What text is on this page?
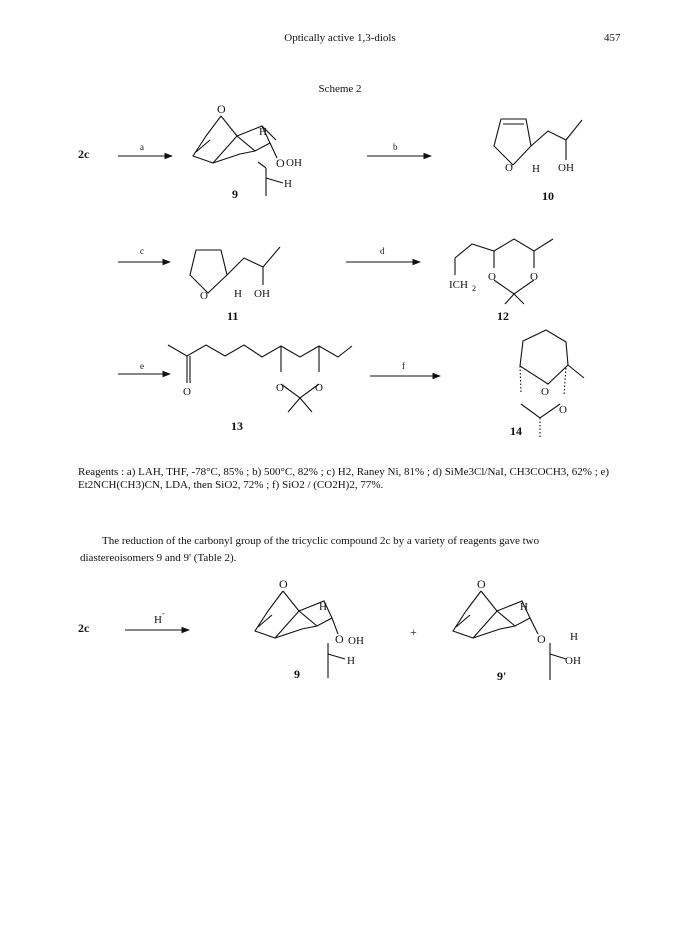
Optically active 1,3-diols	457
Scheme 2
2c	a
O
H
O OH
H
9
b
O H OH
10
c
O H OH
11
d
ICH 2
O	O
12
e
O	O	O
13
f
O
O
14
2c
H
-
O
H
O OH
H
9
+
O
H
O H
OH
9'
Reagents : a) LAH, THF, -78°C, 85% ; b) 500°C, 82% ; c) H2, Raney Ni, 81% ; d) SiMe3Cl/NaI, CH3COCH3, 62% ; e) Et2NCH(CH3)CN, LDA, then SiO2, 72% ; f) SiO2 / (CO2H)2, 77%.
The reduction of the carbonyl group of the tricyclic compound 2c by a variety of reagents gave two diastereoisomers 9 and 9' (Table 2).
